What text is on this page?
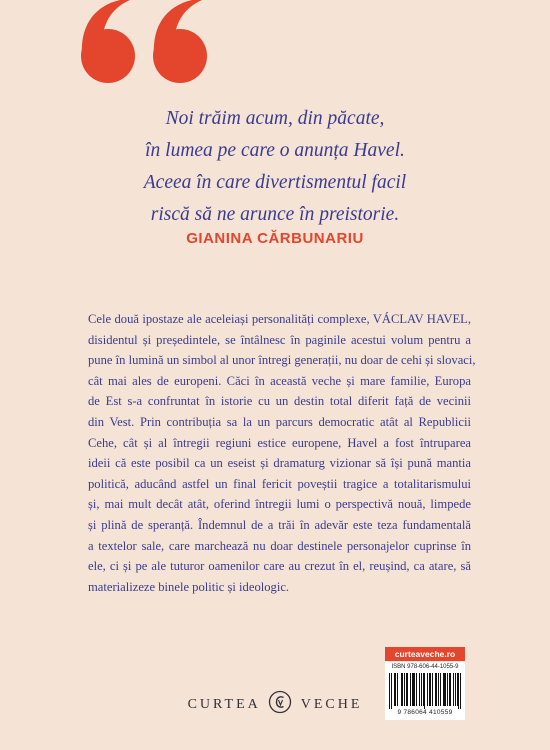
Noi trăim acum, din păcate,
în lumea pe care o anunța Havel.
Aceea în care divertismentul facil
riscă să ne arunce în preistorie.
GIANINA CĂRBUNARIU
Cele două ipostaze ale aceleiași personalități complexe, VÁCLAV HAVEL,
disidentul și președintele, se întâlnesc în paginile acestui volum pentru a
pune în lumină un simbol al unor întregi generații, nu doar de cehi și slovaci,
cât mai ales de europeni. Căci în această veche și mare familie, Europa
de Est s-a confruntat în istorie cu un destin total diferit față de vecinii
din Vest. Prin contribuția sa la un parcurs democratic atât al Republicii
Cehe, cât și al întregii regiuni estice europene, Havel a fost întruparea
ideii că este posibil ca un eseist și dramaturg vizionar să își pună mantia
politică, aducând astfel un final fericit poveștii tragice a totalitarismului
și, mai mult decât atât, oferind întregii lumi o perspectivă nouă, limpede
și plină de speranță. Îndemnul de a trăi în adevăr este teza fundamentală
a textelor sale, care marchează nu doar destinele personajelor cuprinse în
ele, ci și pe ale tuturor oamenilor care au crezut în el, reușind, ca atare, să
materializeze binele politic și ideologic.
CURTEA	VECHE
curteaveche.ro
ISBN 978-606-44-1055-9
9 786064 410559
